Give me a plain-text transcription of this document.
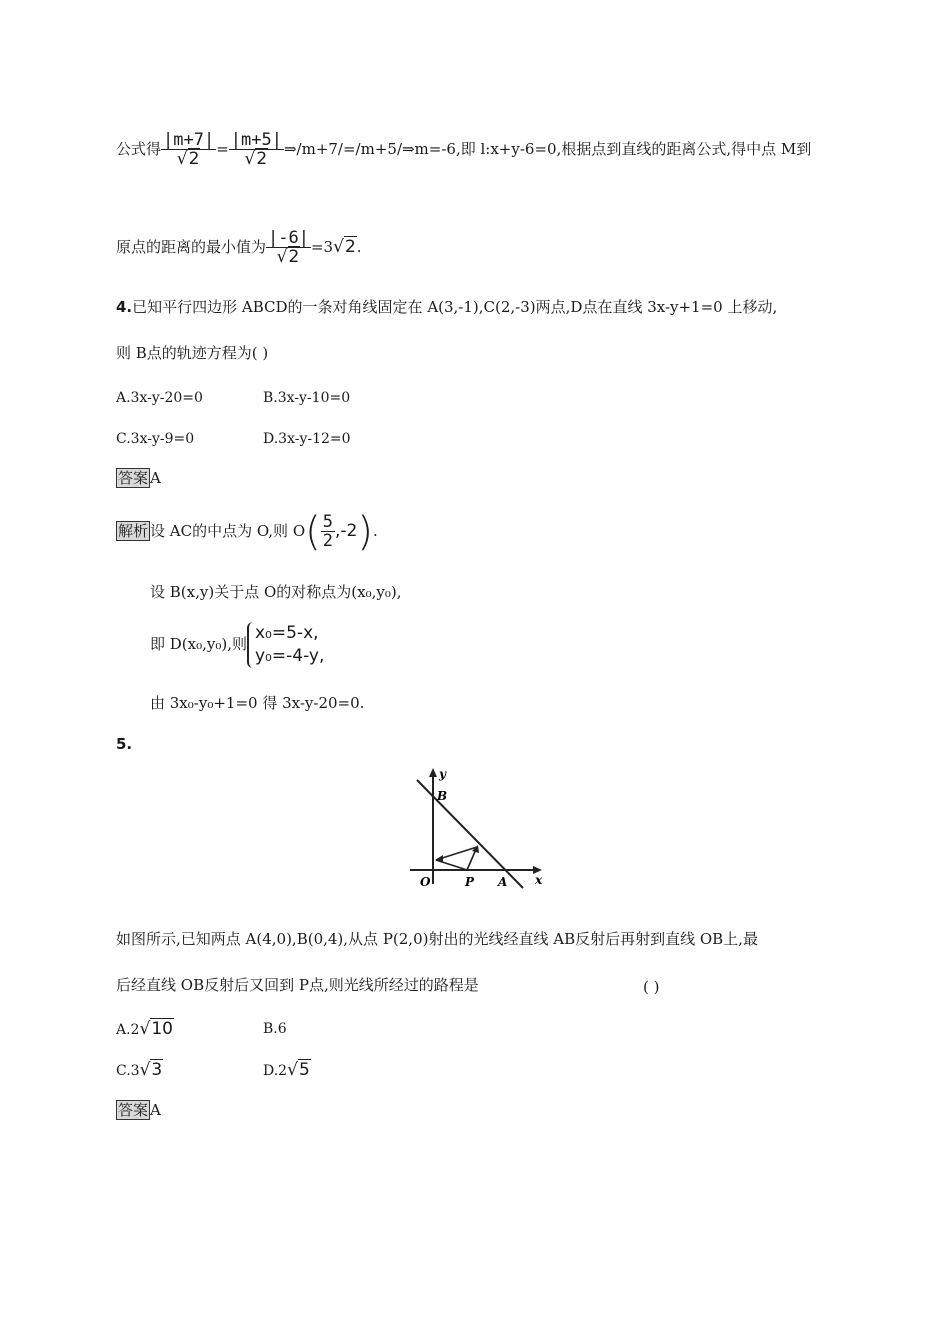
公式得 $\frac{|m+7|}{√2} = \frac{|m+5|}{√2}$ ⇒/m+7/=/m+5/⇒m=-6,即 l:x+y-6=0,根据点到直线的距离公式,得中点 M到
原点的距离的最小值为 $\frac{|-6|}{√2} =3√2$.
4.已知平行四边形 ABCD的一条对角线固定在 A(3,-1),C(2,-3)两点,D点在直线 3x-y+1=0 上移动,
则 B点的轨迹方程为( )
A.3x-y-20=0	B.3x-y-10=0
C.3x-y-9=0	D.3x-y-12=0
答案 A
解析 设 AC的中点为 O,则 $O( \frac{5}{2} ,-2)$.
设 B(x,y)关于点 O的对称点为(x₀,y₀),
即 D(x₀,y₀),则
x₀=5-x,
y₀=-4-y,
由 3x₀-y₀+1=0 得 3x-y-20=0.
5.
y
B
O	P A x
如图所示,已知两点 A(4,0),B(0,4),从点 P(2,0)射出的光线经直线 AB反射后再射到直线 OB上,最
后经直线 OB反射后又回到 P点,则光线所经过的路程是	( )
A.2√10	B.6
C.3√3	D.2√5
答案 A
